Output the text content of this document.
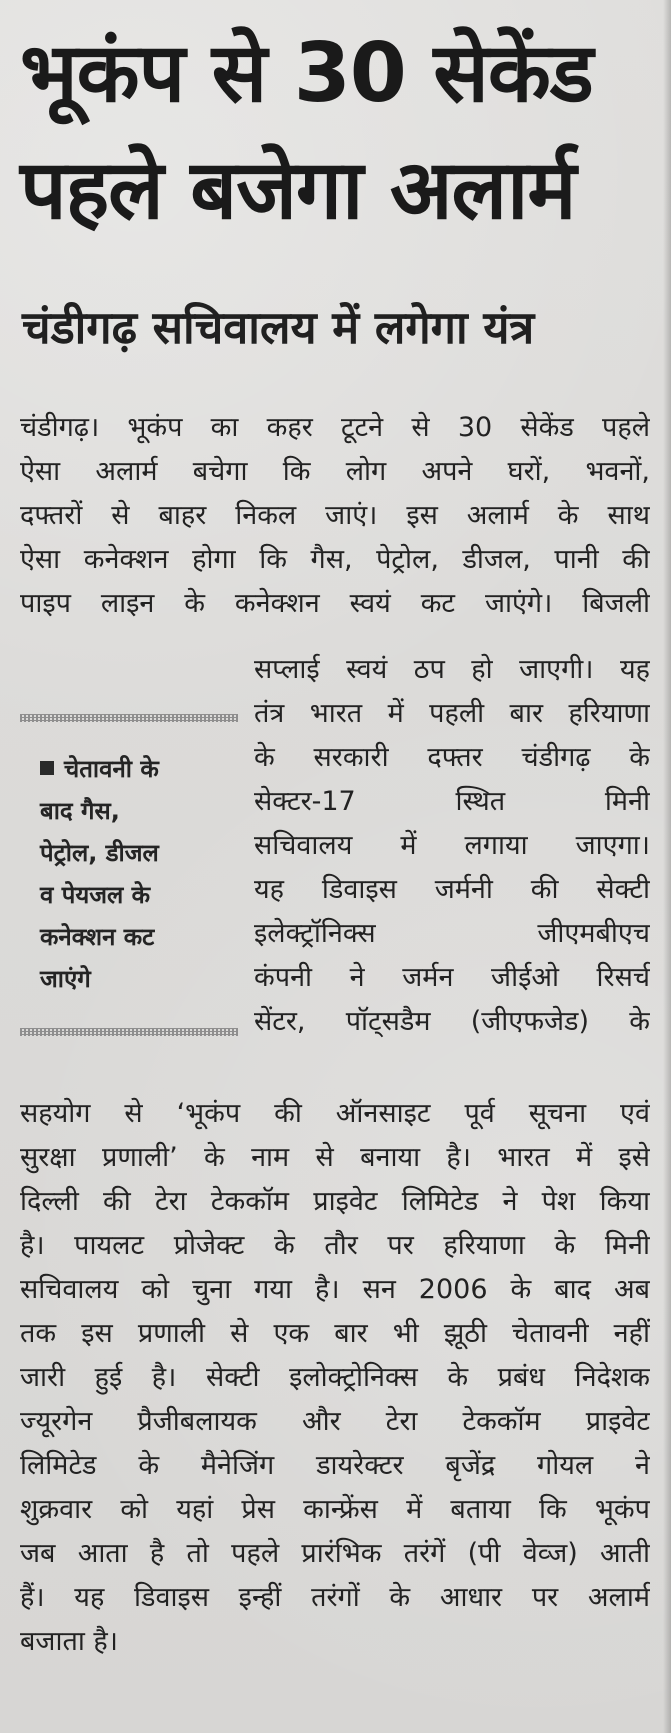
भूकंप से 30 सेकेंड
पहले बजेगा अलार्म
चंडीगढ़ सचिवालय में लगेगा यंत्र
चंडीगढ़। भूकंप का कहर टूटने से 30 सेकेंड पहले
ऐसा अलार्म बचेगा कि लोग अपने घरों, भवनों,
दफ्तरों से बाहर निकल जाएं। इस अलार्म के साथ
ऐसा कनेक्शन होगा कि गैस, पेट्रोल, डीजल, पानी की
पाइप लाइन के कनेक्शन स्वयं कट जाएंगे। बिजली
चेतावनी के
बाद गैस,
पेट्रोल, डीजल
व पेयजल के
कनेक्शन कट
जाएंगे
सप्लाई स्वयं ठप हो जाएगी। यह
तंत्र भारत में पहली बार हरियाणा
के सरकारी दफ्तर चंडीगढ़ के
सेक्टर-17 स्थित मिनी
सचिवालय में लगाया जाएगा।
यह डिवाइस जर्मनी की सेक्टी
इलेक्ट्रॉनिक्स जीएमबीएच
कंपनी ने जर्मन जीईओ रिसर्च
सेंटर, पॉट्सडैम (जीएफजेड) के
सहयोग से ‘भूकंप की ऑनसाइट पूर्व सूचना एवं
सुरक्षा प्रणाली’ के नाम से बनाया है। भारत में इसे
दिल्ली की टेरा टेककॉम प्राइवेट लिमिटेड ने पेश किया
है। पायलट प्रोजेक्ट के तौर पर हरियाणा के मिनी
सचिवालय को चुना गया है। सन 2006 के बाद अब
तक इस प्रणाली से एक बार भी झूठी चेतावनी नहीं
जारी हुई है। सेक्टी इलोक्ट्रोनिक्स के प्रबंध निदेशक
ज्यूरगेन प्रैजीबलायक और टेरा टेककॉम प्राइवेट
लिमिटेड के मैनेजिंग डायरेक्टर बृजेंद्र गोयल ने
शुक्रवार को यहां प्रेस कान्फ्रेंस में बताया कि भूकंप
जब आता है तो पहले प्रारंभिक तरंगें (पी वेव्ज) आती
हैं। यह डिवाइस इन्हीं तरंगों के आधार पर अलार्म
बजाता है।
